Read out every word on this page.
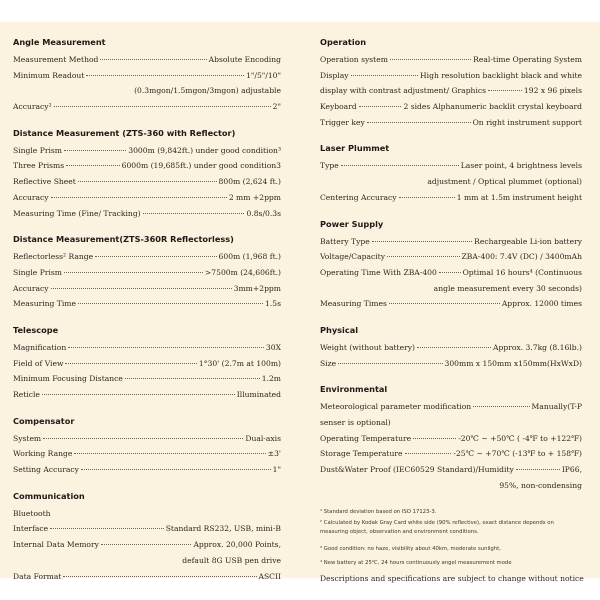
Angle Measurement
Measurement Method	Absolute Encoding
Minimum Readout	1"/5"/10"
(0.3mgon/1.5mgon/3mgon) adjustable
Accuracy¹	2"
Distance Measurement (ZTS-360 with Reflector)
Single Prism	3000m (9,842ft.) under good condition³
Three Prisms	6000m (19,685ft.) under good condition3
Reflective Sheet	800m (2,624 ft.)
Accuracy	2 mm +2ppm
Measuring Time (Fine/ Tracking)	0.8s/0.3s
Distance Measurement(ZTS-360R Reflectorless)
Reflectorless² Range	600m (1,968 ft.)
Single Prism	>7500m (24,606ft.)
Accuracy	3mm+2ppm
Measuring Time	1.5s
Telescope
Magnification	30X
Field of View	1°30' (2.7m at 100m)
Minimum Focusing Distance	1.2m
Reticle	Illuminated
Compensator
System	Dual-axis
Working Range	±3'
Setting Accuracy	1"
Communication
Bluetooth
Interface	Standard RS232, USB, mini-B
Internal Data Memory	Approx. 20,000 Points,
default 8G USB pen drive
Data Format	ASCII
Operation
Operation system	Real-time Operating System
Display	High resolution backlight black and white
display with contrast adjustment/ Graphics	192 x 96 pixels
Keyboard	2 sides Alphanumeric backlit crystal keyboard
Trigger key	On right instrument support
Laser Plummet
Type	Laser point, 4 brightness levels
adjustment / Optical plummet (optional)
Centering Accuracy	1 mm at 1.5m instrument height
Power Supply
Battery Type	Rechargeable Li-ion battery
Voltage/Capacity	ZBA-400: 7.4V (DC) / 3400mAh
Operating Time With ZBA-400	Optimal 16 hours⁴ (Continuous
angle measurement every 30 seconds)
Measuring Times	Approx. 12000 times
Physical
Weight (without battery)	Approx. 3.7kg (8.16lb.)
Size	300mm x 150mm x150mm(HxWxD)
Environmental
Meteorological parameter modification	Manually(T-P
senser is optional)
Operating Temperature	-20℃ ~ +50℃ ( -4℉ to +122℉)
Storage Temperature	-25℃ ~ +70℃ (-13℉ to + 158℉)
Dust&Water Proof (IEC60529 Standard)/Humidity	IP66,
95%, non-condensing
¹ Standard deviation based on ISO 17123-3.
² Calculated by Kodak Gray Card white side (90% reflective), exact distance depends on measuring object, observation and environment conditions.
³ Good condition: no haze, visibility about 40km, moderate sunlight,
⁴ New battery at 25℃, 24 hours continuously angel measurement mode
Descriptions and specifications are subject to change without notice
